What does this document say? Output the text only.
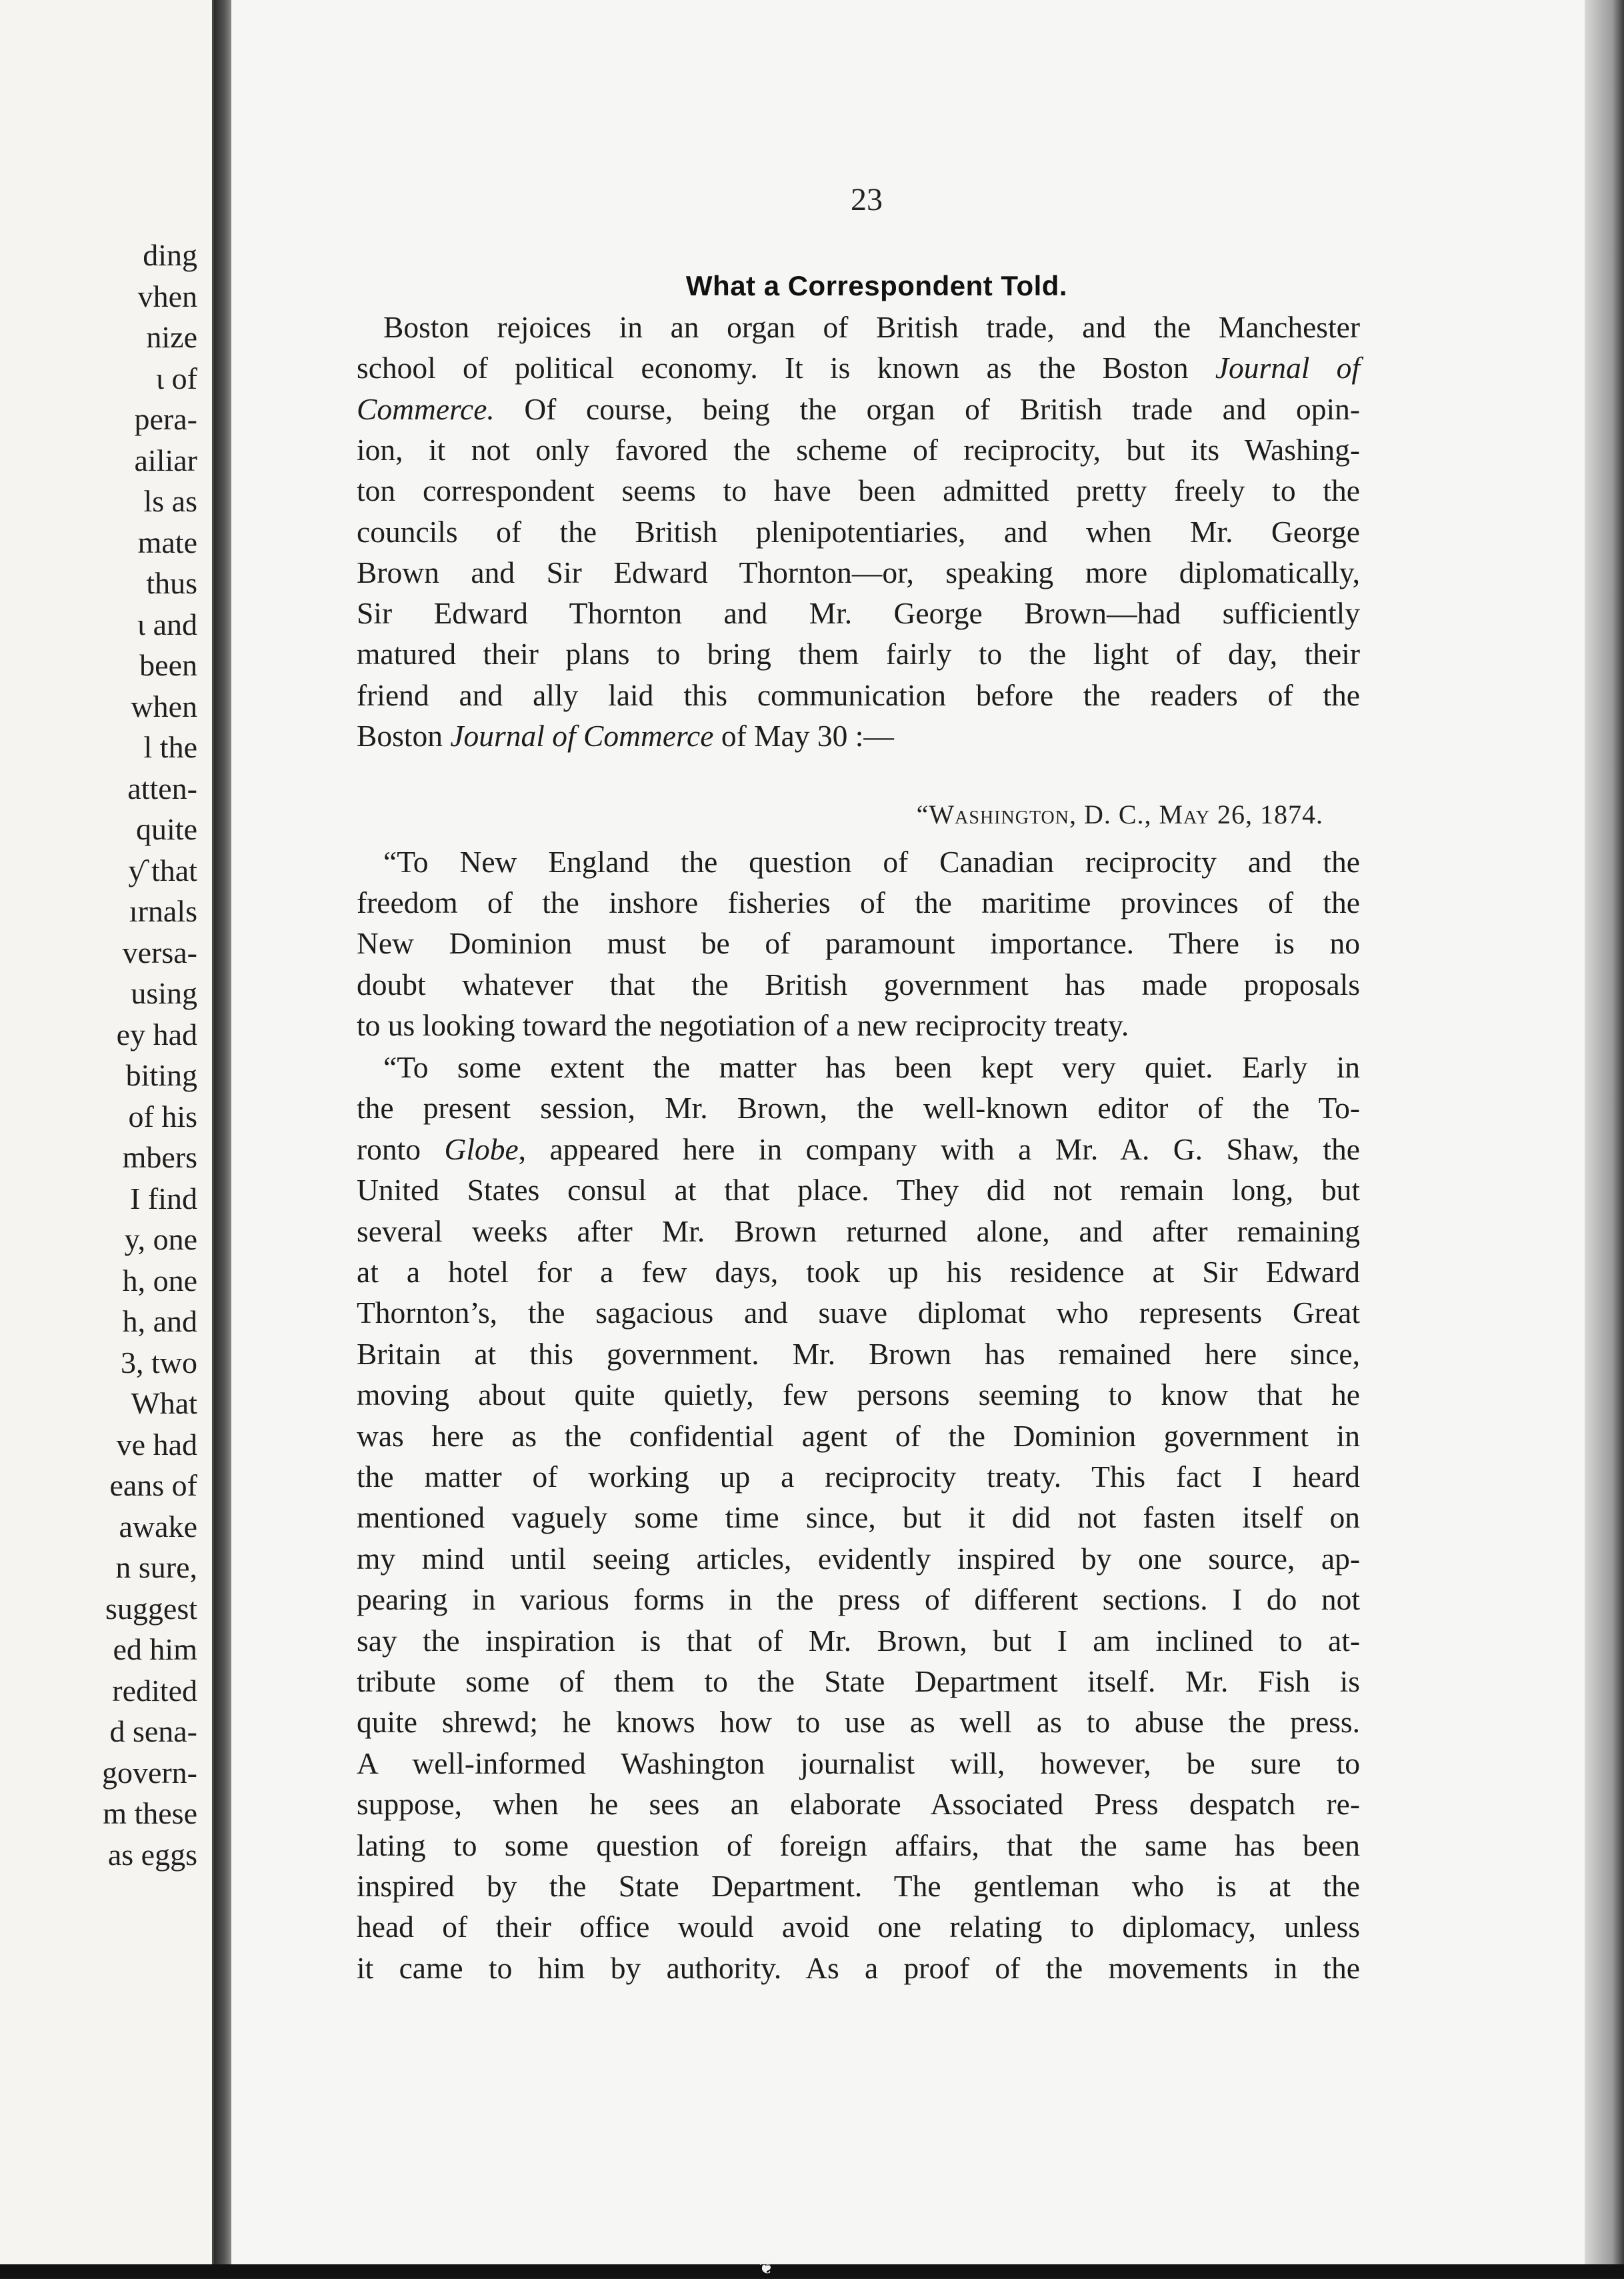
ding
vhen
nize
ι of
pera-
ailiar
ls as
mate
thus
ι and
been
when
l the
atten-
quite
ƴ that
ırnals
versa-
using
ey had
biting
of his
mbers
I find
y, one
h, one
h, and
3, two
What
ve had
eans of
awake
n sure,
suggest
ed him
redited
d sena-
govern-
m these
as eggs
23
What a Correspondent Told.
Boston rejoices in an organ of British trade, and the Manchester
school of political economy. It is known as the Boston Journal of
Commerce. Of course, being the organ of British trade and opin-
ion, it not only favored the scheme of reciprocity, but its Washing-
ton correspondent seems to have been admitted pretty freely to the
councils of the British plenipotentiaries, and when Mr. George
Brown and Sir Edward Thornton—or, speaking more diplomatically,
Sir Edward Thornton and Mr. George Brown—had sufficiently
matured their plans to bring them fairly to the light of day, their
friend and ally laid this communication before the readers of the
Boston Journal of Commerce of May 30 :—
“Washington, D. C., May 26, 1874.
“To New England the question of Canadian reciprocity and the
freedom of the inshore fisheries of the maritime provinces of the
New Dominion must be of paramount importance. There is no
doubt whatever that the British government has made proposals
to us looking toward the negotiation of a new reciprocity treaty.
“To some extent the matter has been kept very quiet. Early in
the present session, Mr. Brown, the well-known editor of the To-
ronto Globe, appeared here in company with a Mr. A. G. Shaw, the
United States consul at that place. They did not remain long, but
several weeks after Mr. Brown returned alone, and after remaining
at a hotel for a few days, took up his residence at Sir Edward
Thornton’s, the sagacious and suave diplomat who represents Great
Britain at this government. Mr. Brown has remained here since,
moving about quite quietly, few persons seeming to know that he
was here as the confidential agent of the Dominion government in
the matter of working up a reciprocity treaty. This fact I heard
mentioned vaguely some time since, but it did not fasten itself on
my mind until seeing articles, evidently inspired by one source, ap-
pearing in various forms in the press of different sections. I do not
say the inspiration is that of Mr. Brown, but I am inclined to at-
tribute some of them to the State Department itself. Mr. Fish is
quite shrewd; he knows how to use as well as to abuse the press.
A well-informed Washington journalist will, however, be sure to
suppose, when he sees an elaborate Associated Press despatch re-
lating to some question of foreign affairs, that the same has been
inspired by the State Department. The gentleman who is at the
head of their office would avoid one relating to diplomacy, unless
it came to him by authority. As a proof of the movements in the
❦
